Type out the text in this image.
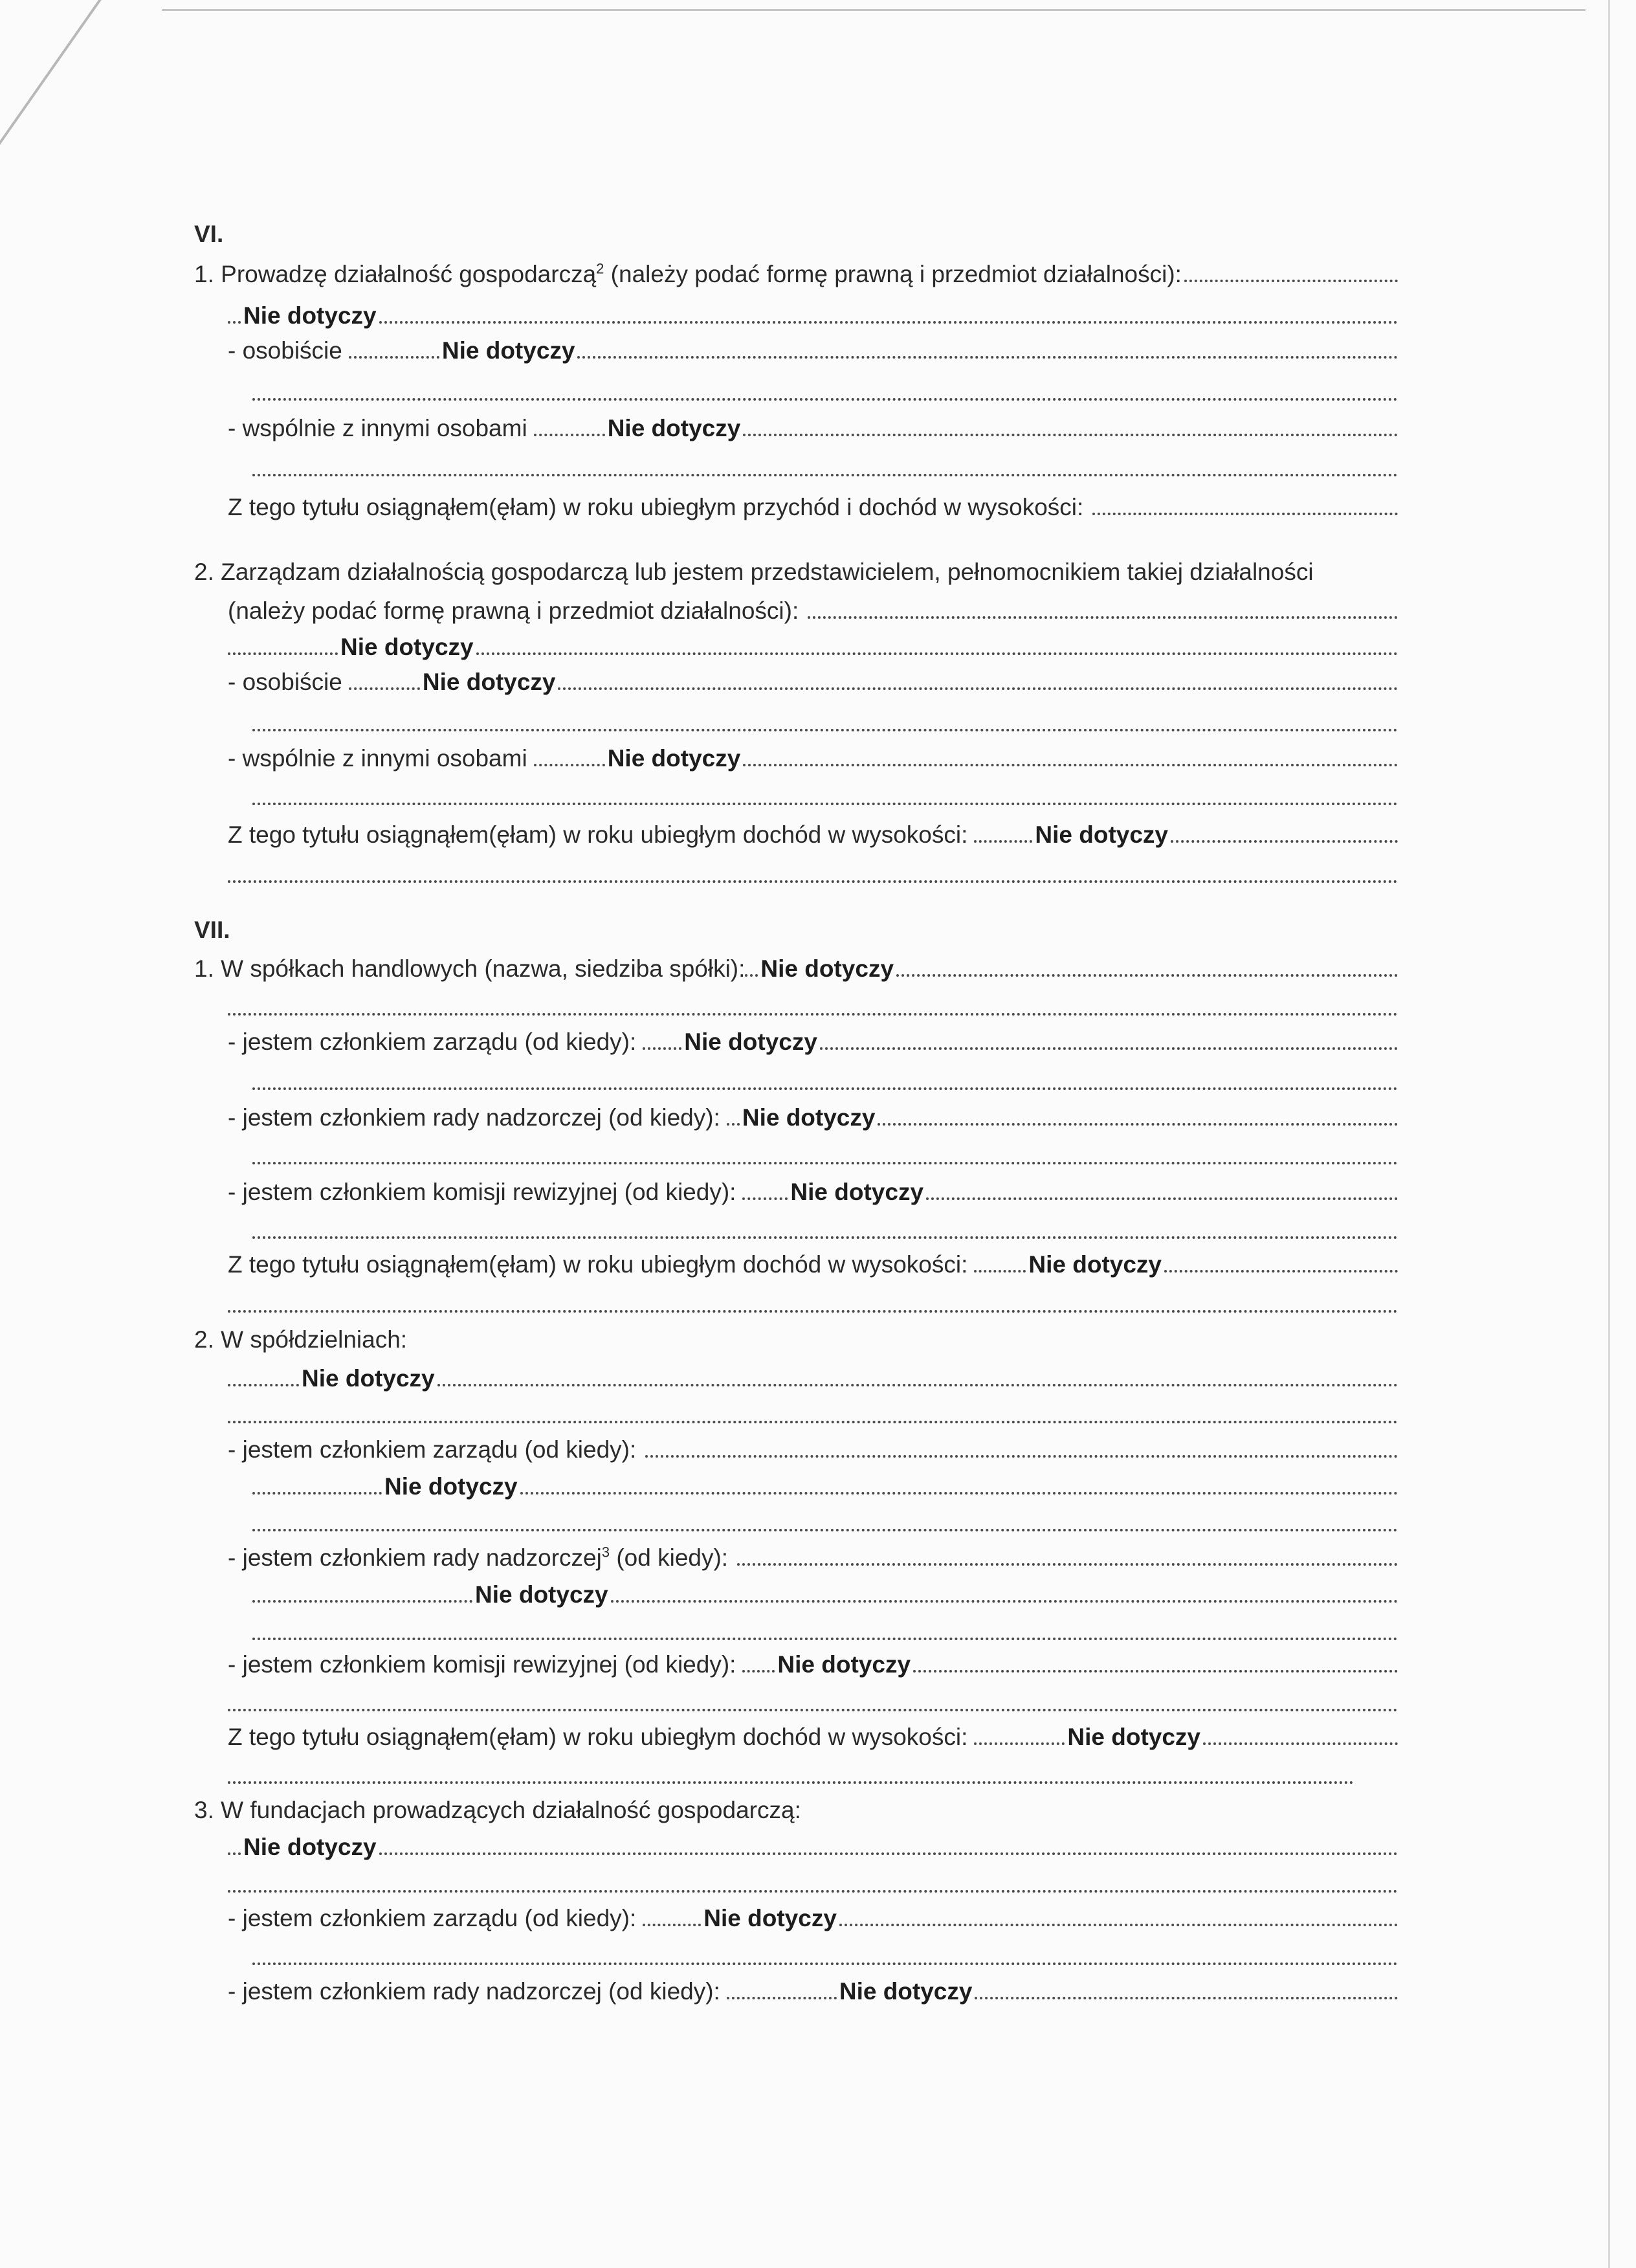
VI.
1.
Prowadzę działalność gospodarczą$^2$ (należy podać formę prawną i przedmiot działalności):
Nie dotyczy
- osobiście	Nie dotyczy
- wspólnie z innymi osobami	Nie dotyczy
Z tego tytułu osiągnąłem(ęłam) w roku ubiegłym przychód i dochód w wysokości:
2.
Zarządzam działalnością gospodarczą lub jestem przedstawicielem, pełnomocnikiem takiej działalności
(należy podać formę prawną i przedmiot działalności):
Nie dotyczy
- osobiście	Nie dotyczy
- wspólnie z innymi osobami	Nie dotyczy
Z tego tytułu osiągnąłem(ęłam) w roku ubiegłym dochód w wysokości:	Nie dotyczy
VII.
1.
W spółkach handlowych (nazwa, siedziba spółki): Nie dotyczy
- jestem członkiem zarządu (od kiedy): Nie dotyczy
- jestem członkiem rady nadzorczej (od kiedy): Nie dotyczy
- jestem członkiem komisji rewizyjnej (od kiedy): Nie dotyczy
Z tego tytułu osiągnąłem(ęłam) w roku ubiegłym dochód w wysokości:	Nie dotyczy
2.
W spółdzielniach:
Nie dotyczy
- jestem członkiem zarządu (od kiedy):
Nie dotyczy
- jestem członkiem rady nadzorczej$^3$ (od kiedy):
Nie dotyczy
- jestem członkiem komisji rewizyjnej (od kiedy): Nie dotyczy
Z tego tytułu osiągnąłem(ęłam) w roku ubiegłym dochód w wysokości:	Nie dotyczy
3.
W fundacjach prowadzących działalność gospodarczą:
Nie dotyczy
- jestem członkiem zarządu (od kiedy):	Nie dotyczy
- jestem członkiem rady nadzorczej (od kiedy):	Nie dotyczy
